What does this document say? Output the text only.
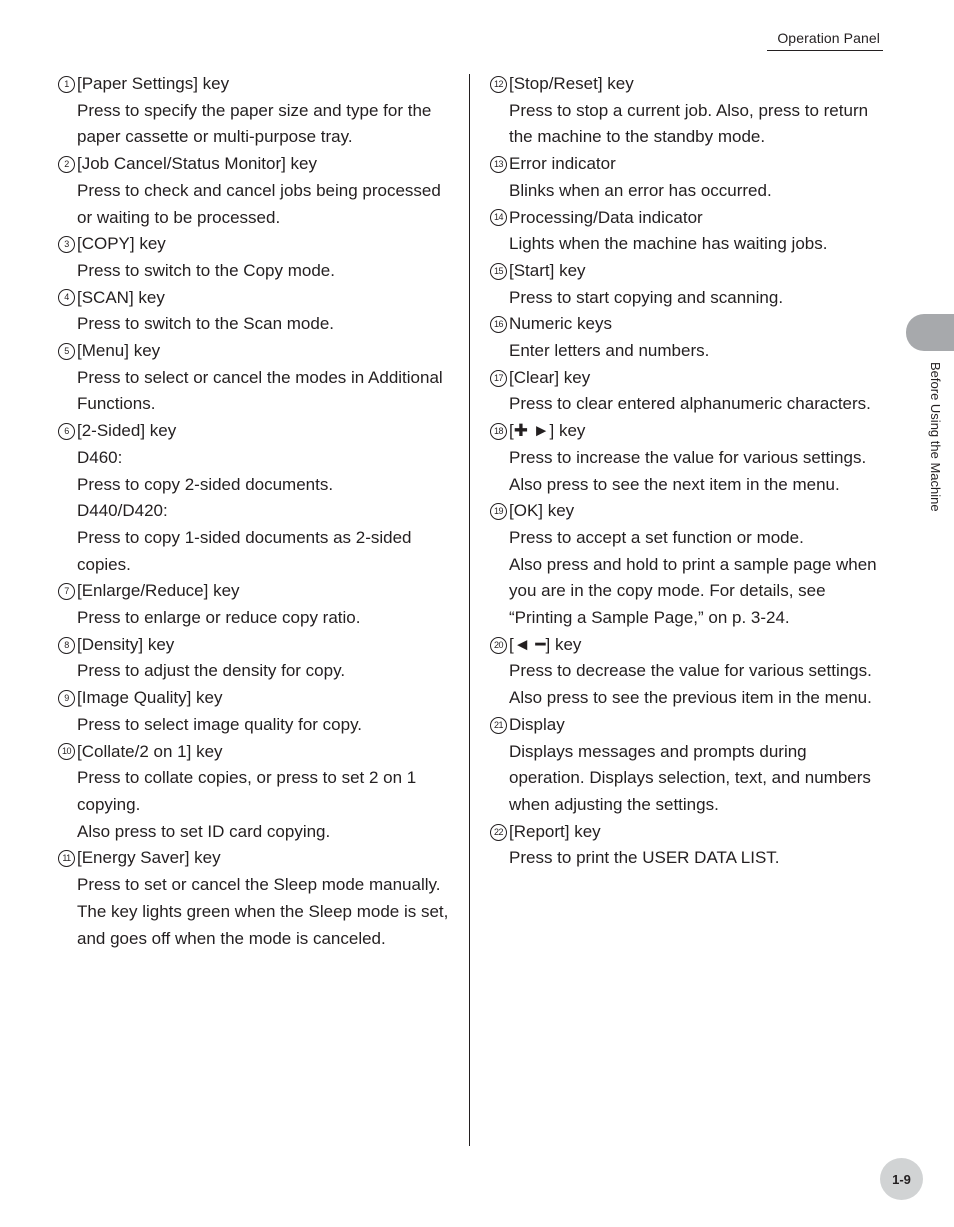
Operation Panel
1 [Paper Settings] key
Press to specify the paper size and type for the
paper cassette or multi-purpose tray.
2 [Job Cancel/Status Monitor] key
Press to check and cancel jobs being processed
or waiting to be processed.
3 [COPY] key
Press to switch to the Copy mode.
4 [SCAN] key
Press to switch to the Scan mode.
5 [Menu] key
Press to select or cancel the modes in Additional
Functions.
6 [2-Sided] key
D460:
Press to copy 2-sided documents.
D440/D420:
Press to copy 1-sided documents as 2-sided
copies.
7 [Enlarge/Reduce] key
Press to enlarge or reduce copy ratio.
8 [Density] key
Press to adjust the density for copy.
9 [Image Quality] key
Press to select image quality for copy.
10 [Collate/2 on 1] key
Press to collate copies, or press to set 2 on 1
copying.
Also press to set ID card copying.
11 [Energy Saver] key
Press to set or cancel the Sleep mode manually.
The key lights green when the Sleep mode is set,
and goes off when the mode is canceled.
12 [Stop/Reset] key
Press to stop a current job. Also, press to return
the machine to the standby mode.
13 Error indicator
Blinks when an error has occurred.
14 Processing/Data indicator
Lights when the machine has waiting jobs.
15 [Start] key
Press to start copying and scanning.
16 Numeric keys
Enter letters and numbers.
17 [Clear] key
Press to clear entered alphanumeric characters.
18 [✚ ►] key
Press to increase the value for various settings.
Also press to see the next item in the menu.
19 [OK] key
Press to accept a set function or mode.
Also press and hold to print a sample page when
you are in the copy mode. For details, see
“Printing a Sample Page,” on p. 3-24.
20 [◄ ━] key
Press to decrease the value for various settings.
Also press to see the previous item in the menu.
21 Display
Displays messages and prompts during
operation. Displays selection, text, and numbers
when adjusting the settings.
22 [Report] key
Press to print the USER DATA LIST.
Before Using the Machine
1-9
